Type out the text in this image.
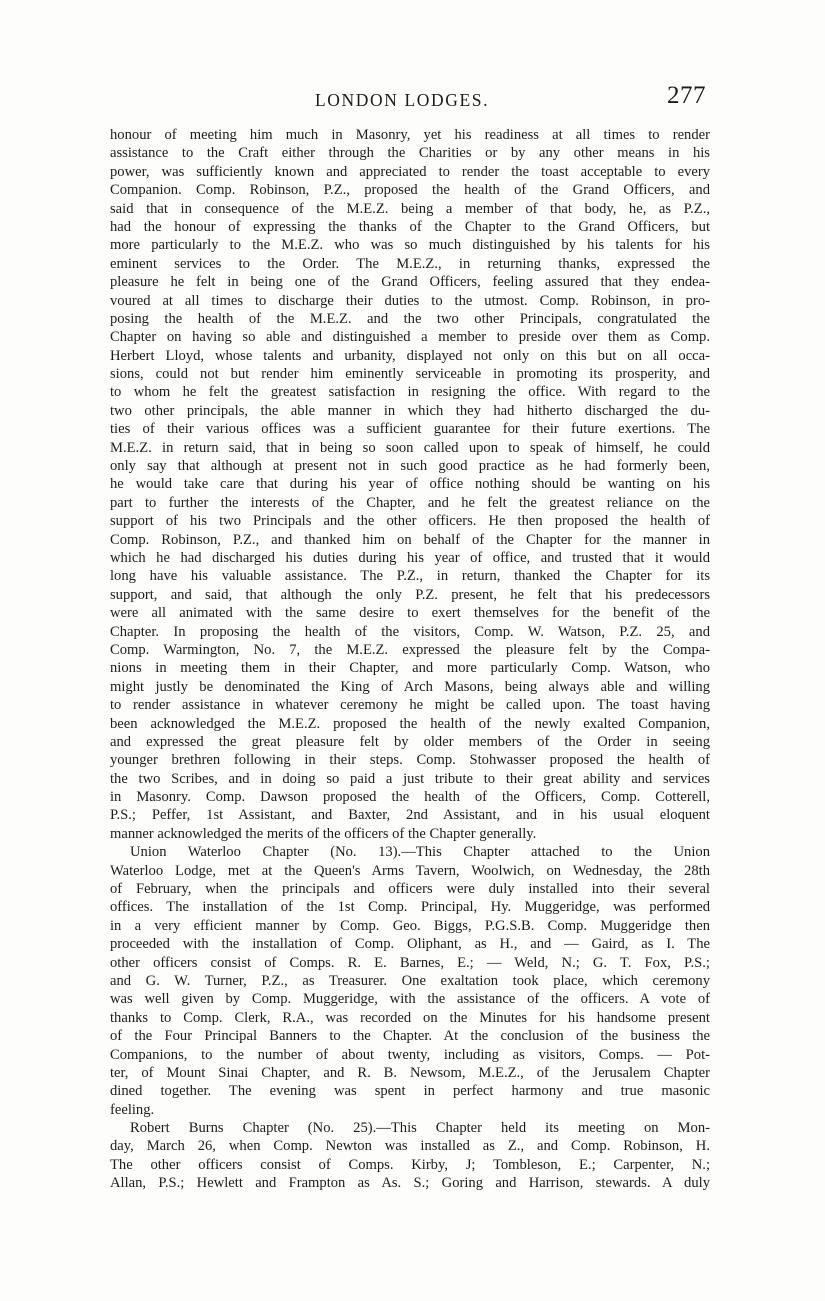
LONDON LODGES.	277
honour of meeting him much in Masonry, yet his readiness at all times to render
assistance to the Craft either through the Charities or by any other means in his
power, was sufficiently known and appreciated to render the toast acceptable to every
Companion. Comp. Robinson, P.Z., proposed the health of the Grand Officers, and
said that in consequence of the M.E.Z. being a member of that body, he, as P.Z.,
had the honour of expressing the thanks of the Chapter to the Grand Officers, but
more particularly to the M.E.Z. who was so much distinguished by his talents for his
eminent services to the Order. The M.E.Z., in returning thanks, expressed the
pleasure he felt in being one of the Grand Officers, feeling assured that they endea-
voured at all times to discharge their duties to the utmost. Comp. Robinson, in pro-
posing the health of the M.E.Z. and the two other Principals, congratulated the
Chapter on having so able and distinguished a member to preside over them as Comp.
Herbert Lloyd, whose talents and urbanity, displayed not only on this but on all occa-
sions, could not but render him eminently serviceable in promoting its prosperity, and
to whom he felt the greatest satisfaction in resigning the office. With regard to the
two other principals, the able manner in which they had hitherto discharged the du-
ties of their various offices was a sufficient guarantee for their future exertions. The
M.E.Z. in return said, that in being so soon called upon to speak of himself, he could
only say that although at present not in such good practice as he had formerly been,
he would take care that during his year of office nothing should be wanting on his
part to further the interests of the Chapter, and he felt the greatest reliance on the
support of his two Principals and the other officers. He then proposed the health of
Comp. Robinson, P.Z., and thanked him on behalf of the Chapter for the manner in
which he had discharged his duties during his year of office, and trusted that it would
long have his valuable assistance. The P.Z., in return, thanked the Chapter for its
support, and said, that although the only P.Z. present, he felt that his predecessors
were all animated with the same desire to exert themselves for the benefit of the
Chapter. In proposing the health of the visitors, Comp. W. Watson, P.Z. 25, and
Comp. Warmington, No. 7, the M.E.Z. expressed the pleasure felt by the Compa-
nions in meeting them in their Chapter, and more particularly Comp. Watson, who
might justly be denominated the King of Arch Masons, being always able and willing
to render assistance in whatever ceremony he might be called upon. The toast having
been acknowledged the M.E.Z. proposed the health of the newly exalted Companion,
and expressed the great pleasure felt by older members of the Order in seeing
younger brethren following in their steps. Comp. Stohwasser proposed the health of
the two Scribes, and in doing so paid a just tribute to their great ability and services
in Masonry. Comp. Dawson proposed the health of the Officers, Comp. Cotterell,
P.S.; Peffer, 1st Assistant, and Baxter, 2nd Assistant, and in his usual eloquent
manner acknowledged the merits of the officers of the Chapter generally.
Union Waterloo Chapter (No. 13).—This Chapter attached to the Union
Waterloo Lodge, met at the Queen's Arms Tavern, Woolwich, on Wednesday, the 28th
of February, when the principals and officers were duly installed into their several
offices. The installation of the 1st Comp. Principal, Hy. Muggeridge, was performed
in a very efficient manner by Comp. Geo. Biggs, P.G.S.B. Comp. Muggeridge then
proceeded with the installation of Comp. Oliphant, as H., and — Gaird, as I. The
other officers consist of Comps. R. E. Barnes, E.; — Weld, N.; G. T. Fox, P.S.;
and G. W. Turner, P.Z., as Treasurer. One exaltation took place, which ceremony
was well given by Comp. Muggeridge, with the assistance of the officers. A vote of
thanks to Comp. Clerk, R.A., was recorded on the Minutes for his handsome present
of the Four Principal Banners to the Chapter. At the conclusion of the business the
Companions, to the number of about twenty, including as visitors, Comps. — Pot-
ter, of Mount Sinai Chapter, and R. B. Newsom, M.E.Z., of the Jerusalem Chapter
dined together. The evening was spent in perfect harmony and true masonic
feeling.
Robert Burns Chapter (No. 25).—This Chapter held its meeting on Mon-
day, March 26, when Comp. Newton was installed as Z., and Comp. Robinson, H.
The other officers consist of Comps. Kirby, J; Tombleson, E.; Carpenter, N.;
Allan, P.S.; Hewlett and Frampton as As. S.; Goring and Harrison, stewards. A duly
